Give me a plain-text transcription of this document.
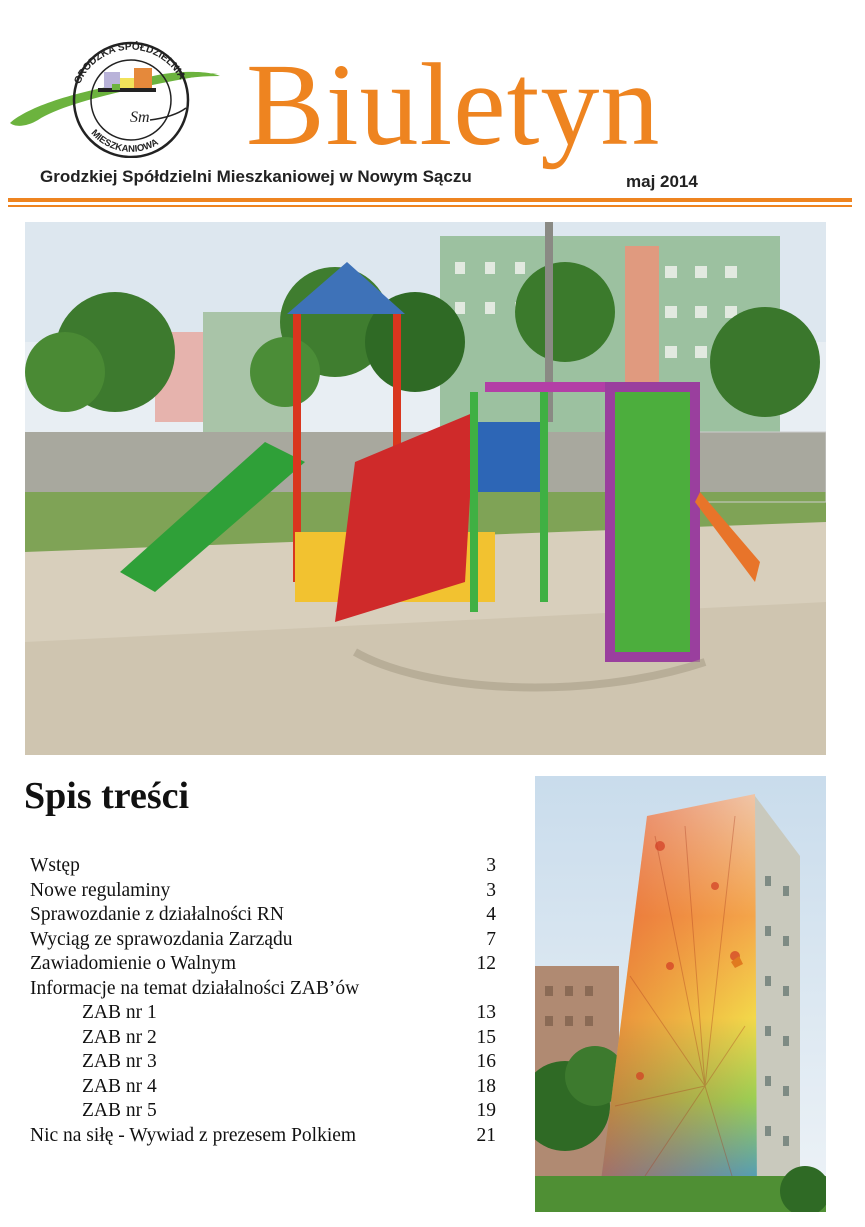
GRODZKA SPÓŁDZIELNIA
MIESZKANIOWA
Sm Biuletyn
Grodzkiej Spółdzielni Mieszkaniowej w Nowym Sączu	maj 2014
Spis treści
Wstęp	3
Nowe regulaminy	3
Sprawozdanie z działalności RN	4
Wyciąg ze sprawozdania Zarządu	7
Zawiadomienie o Walnym	12
Informacje na temat działalności ZAB’ów
ZAB nr 1	13
ZAB nr 2	15
ZAB nr 3	16
ZAB nr 4	18
ZAB nr 5	19
Nic na siłę - Wywiad z prezesem Polkiem	21
